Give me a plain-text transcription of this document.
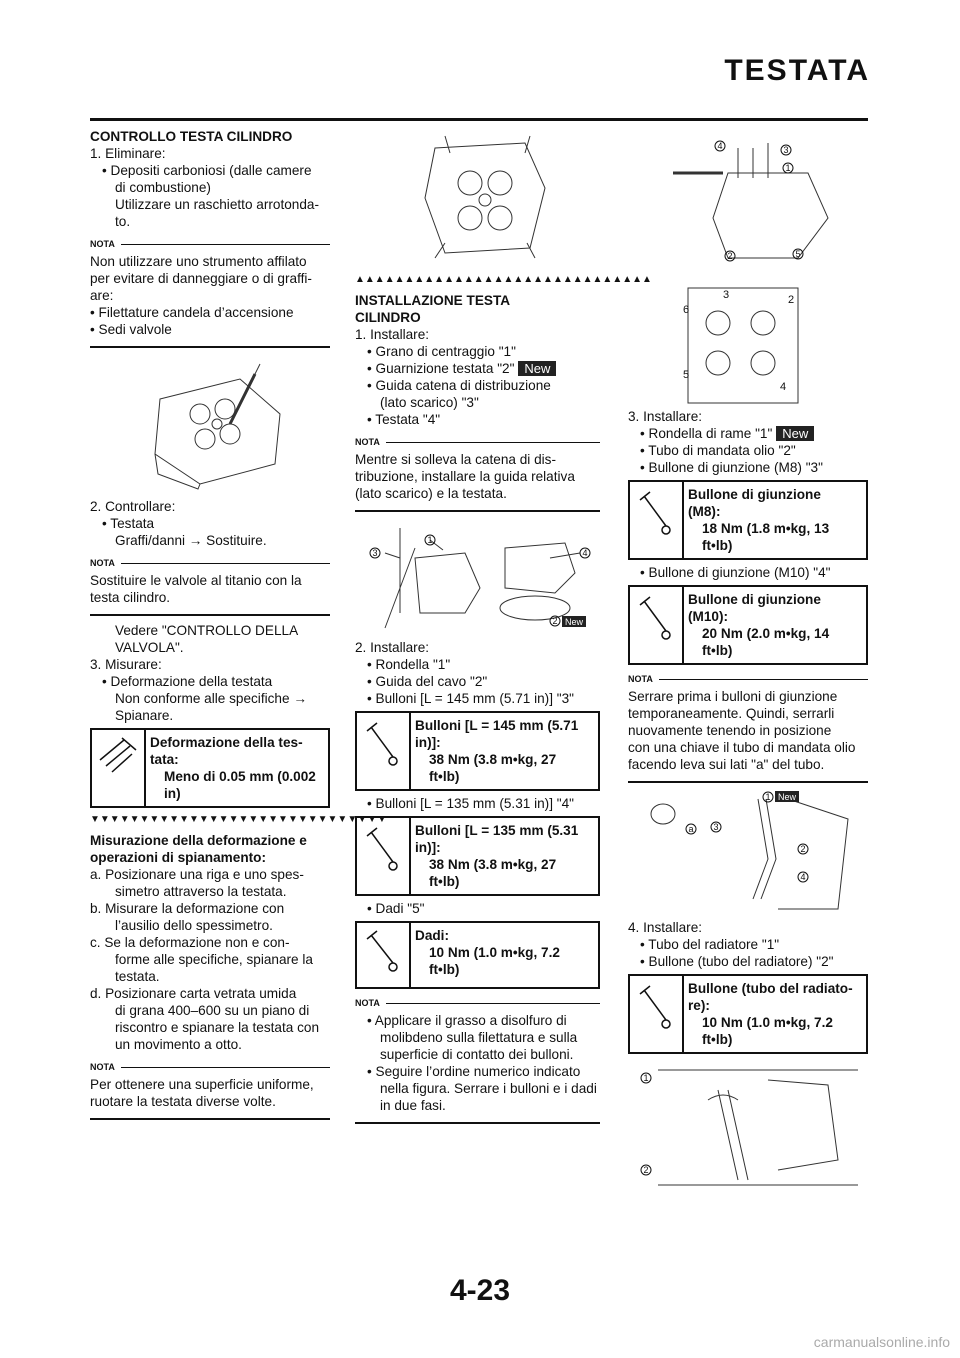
TESTATA
CONTROLLO TESTA CILINDRO
1. Eliminare:
• Depositi carboniosi (dalle camere
di combustione)
Utilizzare un raschietto arrotonda-
to.
NOTA
Non utilizzare uno strumento affilato
per evitare di danneggiare o di graffi-
are:
• Filettature candela d’accensione
• Sedi valvole
2. Controllare:
• Testata
Graffi/danni → Sostituire.
NOTA
Sostituire le valvole al titanio con la
testa cilindro.
Vedere "CONTROLLO DELLA
VALVOLA".
3. Misurare:
• Deformazione della testata
Non conforme alle specifiche →
Spianare.
Deformazione della tes-
tata:
Meno di 0.05 mm (0.002
in)
▼▼▼▼▼▼▼▼▼▼▼▼▼▼▼▼▼▼▼▼▼▼▼▼▼▼▼▼▼▼
Misurazione della deformazione e
operazioni di spianamento:
a. Posizionare una riga e uno spes-
simetro attraverso la testata.
b. Misurare la deformazione con
l’ausilio dello spessimetro.
c. Se la deformazione non e con-
forme alle specifiche, spianare la
testata.
d. Posizionare carta vetrata umida
di grana 400–600 su un piano di
riscontro e spianare la testata con
un movimento a otto.
NOTA
Per ottenere una superficie uniforme,
ruotare la testata diverse volte.
▲▲▲▲▲▲▲▲▲▲▲▲▲▲▲▲▲▲▲▲▲▲▲▲▲▲▲▲▲▲
INSTALLAZIONE TESTA
CILINDRO
1. Installare:
• Grano di centraggio "1"
• Guarnizione testata "2" New
• Guida catena di distribuzione
(lato scarico) "3"
• Testata "4"
NOTA
Mentre si solleva la catena di dis-
tribuzione, installare la guida relativa
(lato scarico) e la testata.
3
1
4
2 New
2. Installare:
• Rondella "1"
• Guida del cavo "2"
• Bulloni [L = 145 mm (5.71 in)] "3"
Bulloni [L = 145 mm (5.71
in)]:
38 Nm (3.8 m•kg, 27
ft•lb)
• Bulloni [L = 135 mm (5.31 in)] "4"
Bulloni [L = 135 mm (5.31
in)]:
38 Nm (3.8 m•kg, 27
ft•lb)
• Dadi "5"
Dadi:
10 Nm (1.0 m•kg, 7.2
ft•lb)
NOTA
• Applicare il grasso a disolfuro di
molibdeno sulla filettatura e sulla
superficie di contatto dei bulloni.
• Seguire l’ordine numerico indicato
nella figura. Serrare i bulloni e i dadi
in due fasi.
4	3
1
2	5
3	2
6
5
4
3. Installare:
• Rondella di rame "1" New
• Tubo di mandata olio "2"
• Bullone di giunzione (M8) "3"
Bullone di giunzione
(M8):
18 Nm (1.8 m•kg, 13
ft•lb)
• Bullone di giunzione (M10) "4"
Bullone di giunzione
(M10):
20 Nm (2.0 m•kg, 14
ft•lb)
NOTA
Serrare prima i bulloni di giunzione
temporaneamente. Quindi, serrarli
nuovamente tenendo in posizione
con una chiave il tubo di mandata olio
facendo leva sui lati "a" del tubo.
1 New
3
a
2
4
4. Installare:
• Tubo del radiatore "1"
• Bullone (tubo del radiatore) "2"
Bullone (tubo del radiato-
re):
10 Nm (1.0 m•kg, 7.2
ft•lb)
1
2
4-23
carmanualsonline.info
